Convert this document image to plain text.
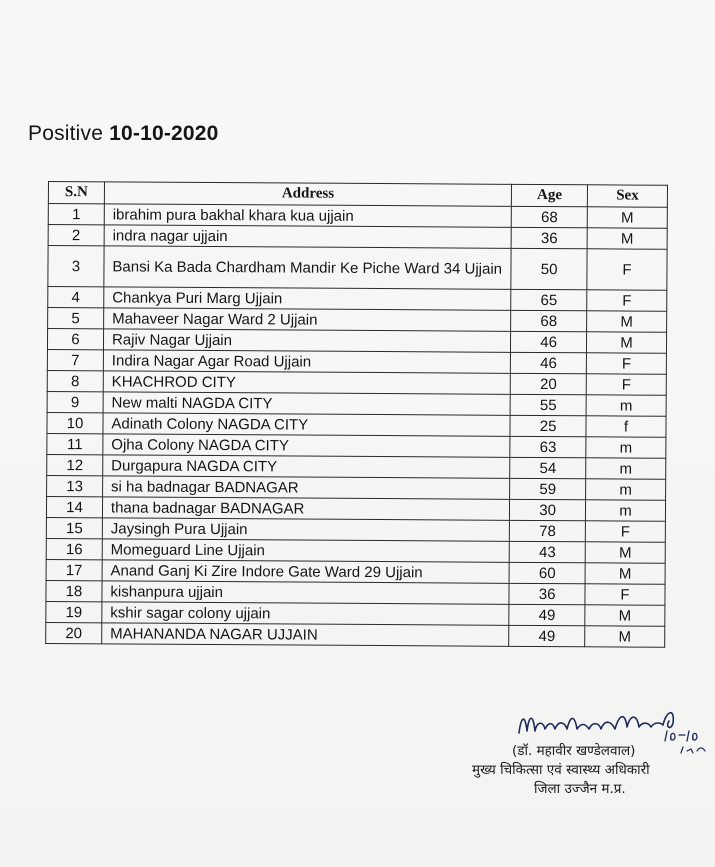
Positive 10-10-2020
S.N	Address	Age	Sex
1	ibrahim pura bakhal khara kua ujjain	68	M
2	indra nagar ujjain	36	M
3	Bansi Ka Bada Chardham Mandir Ke Piche Ward 34 Ujjain	50	F
4	Chankya Puri Marg Ujjain	65	F
5	Mahaveer Nagar Ward 2 Ujjain	68	M
6	Rajiv Nagar Ujjain	46	M
7	Indira Nagar Agar Road Ujjain	46	F
8	KHACHROD CITY	20	F
9	New malti NAGDA CITY	55	m
10	Adinath Colony NAGDA CITY	25	f
11	Ojha Colony NAGDA CITY	63	m
12	Durgapura NAGDA CITY	54	m
13	si ha badnagar BADNAGAR	59	m
14	thana badnagar BADNAGAR	30	m
15	Jaysingh Pura Ujjain	78	F
16	Momeguard Line Ujjain	43	M
17	Anand Ganj Ki Zire Indore Gate Ward 29 Ujjain	60	M
18	kishanpura ujjain	36	F
19	kshir sagar colony ujjain	49	M
20	MAHANANDA NAGAR UJJAIN	49	M
(डॉ. महावीर खण्डेलवाल)
मुख्य चिकित्सा एवं स्वास्थ्य अधिकारी
जिला उज्जैन म.प्र.
